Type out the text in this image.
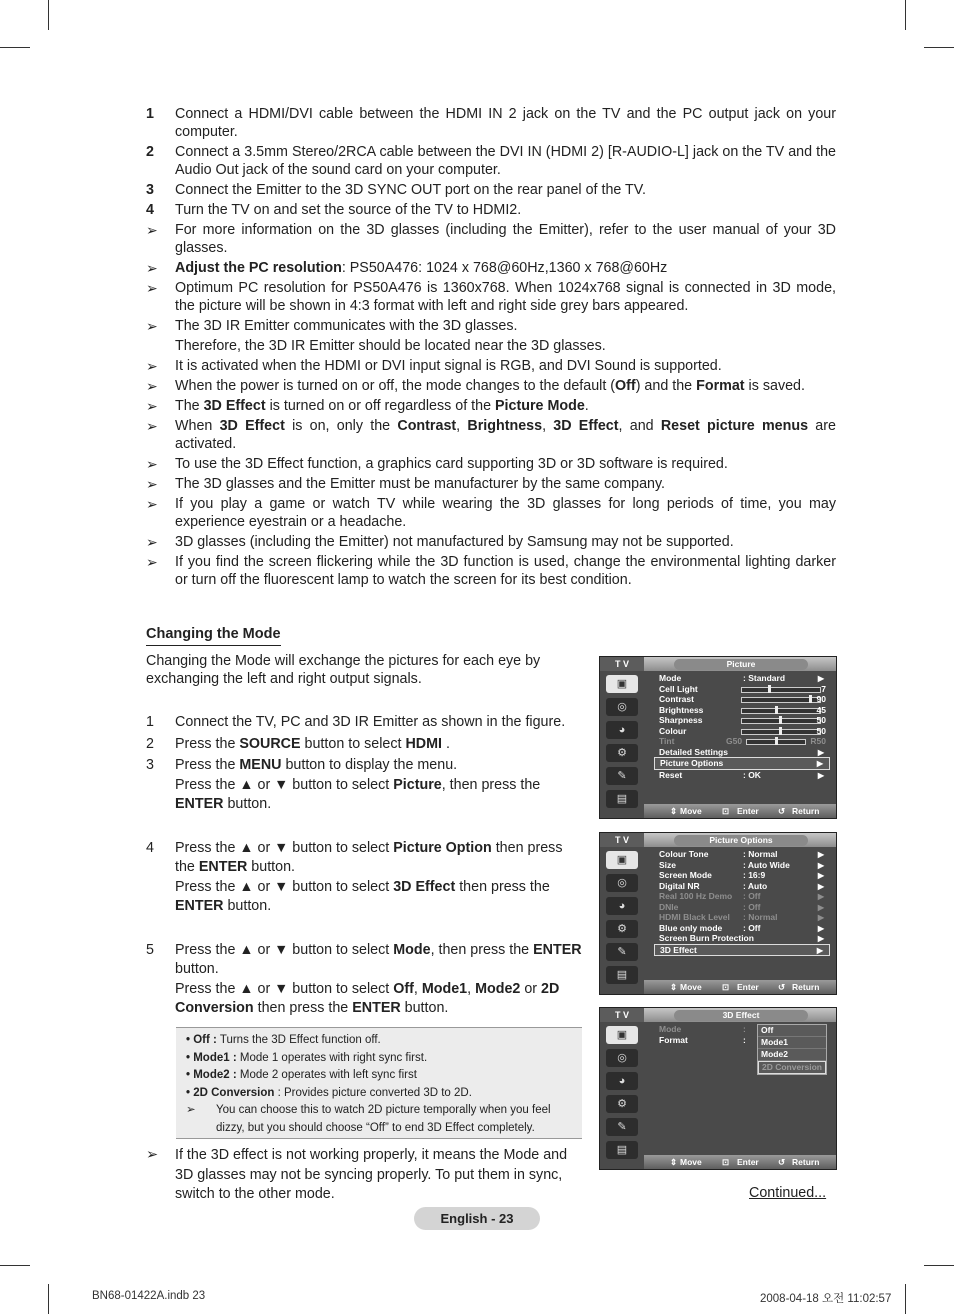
1	Connect a HDMI/DVI cable between the HDMI IN 2 jack on the TV and the PC output jack on your computer.
2	Connect a 3.5mm Stereo/2RCA cable between the DVI IN (HDMI 2) [R-AUDIO-L] jack on the TV and the Audio Out jack of the sound card on your computer.
3	Connect the Emitter to the 3D SYNC OUT port on the rear panel of the TV.
4	Turn the TV on and set the source of the TV to HDMI2.
➢	For more information on the 3D glasses (including the Emitter), refer to the user manual of your 3D glasses.
➢	Adjust the PC resolution: PS50A476: 1024 x 768@60Hz,1360 x 768@60Hz
➢	Optimum PC resolution for PS50A476 is 1360x768. When 1024x768 signal is connected in 3D mode, the picture will be shown in 4:3 format with left and right side grey bars appeared.
➢	The 3D IR Emitter communicates with the 3D glasses.
Therefore, the 3D IR Emitter should be located near the 3D glasses.
➢	It is activated when the HDMI or DVI input signal is RGB, and DVI Sound is supported.
➢	When the power is turned on or off, the mode changes to the default (Off) and the Format is saved.
➢	The 3D Effect is turned on or off regardless of the Picture Mode.
➢	When 3D Effect is on, only the Contrast, Brightness, 3D Effect, and Reset picture menus are activated.
➢	To use the 3D Effect function, a graphics card supporting 3D or 3D software is required.
➢	The 3D glasses and the Emitter must be manufacturer by the same company.
➢	If you play a game or watch TV while wearing the 3D glasses for long periods of time, you may experience eyestrain or a headache.
➢	3D glasses (including the Emitter) not manufactured by Samsung may not be supported.
➢	If you find the screen flickering while the 3D function is used, change the environmental lighting darker or turn off the fluorescent lamp to watch the screen for its best condition.
Changing the Mode
Changing the Mode will exchange the pictures for each eye by exchanging the left and right output signals.
1	Connect the TV, PC and 3D IR Emitter as shown in the figure.
2	Press the SOURCE button to select HDMI .
3	Press the MENU button to display the menu.
Press the ▲ or ▼ button to select Picture, then press the ENTER button.
4	Press the ▲ or ▼ button to select Picture Option then press the ENTER button.
Press the ▲ or ▼ button to select 3D Effect then press the ENTER button.
5	Press the ▲ or ▼ button to select Mode, then press the ENTER button.
Press the ▲ or ▼ button to select Off, Mode1, Mode2 or 2D Conversion then press the ENTER button.
• Off : Turns the 3D Effect function off.
• Mode1 : Mode 1 operates with right sync first.
• Mode2 : Mode 2 operates with left sync first
• 2D Conversion : Provides picture converted 3D to 2D.
➢	You can choose this to watch 2D picture temporally when you feel dizzy, but you should choose “Off” to end 3D Effect completely.
➢	If the 3D effect is not working properly, it means the Mode and 3D glasses may not be syncing properly. To put them in sync, switch to the other mode.	Continued...
English - 23
BN68-01422A.indb 23	2008-04-18 오전 11:02:57
T V	Picture
▣
◎
◕
⚙
✎
▤
Mode	: Standard	▶
Cell Light	7
Contrast	90
Brightness	45
Sharpness	50
Colour	50
Tint	G50	R50
Detailed Settings	▶
Picture Options	▶
Reset	: OK	▶
⇕ Move ⊡ Enter ↺ Return
T V	Picture Options
▣
◎
◕
⚙
✎
▤
Colour Tone	: Normal	▶
Size	: Auto Wide	▶
Screen Mode	: 16:9	▶
Digital NR	: Auto	▶
Real 100 Hz Demo : Off	▶
DNIe	: Off	▶
HDMI Black Level : Normal	▶
Blue only mode : Off	▶
Screen Burn Protection	▶
3D Effect	▶
⇕ Move ⊡ Enter ↺ Return
T V	3D Effect
▣
◎
◕
⚙
✎
▤
Mode	:
Format	:
Off
Mode1
Mode2
2D Conversion
⇕ Move ⊡ Enter ↺ Return
